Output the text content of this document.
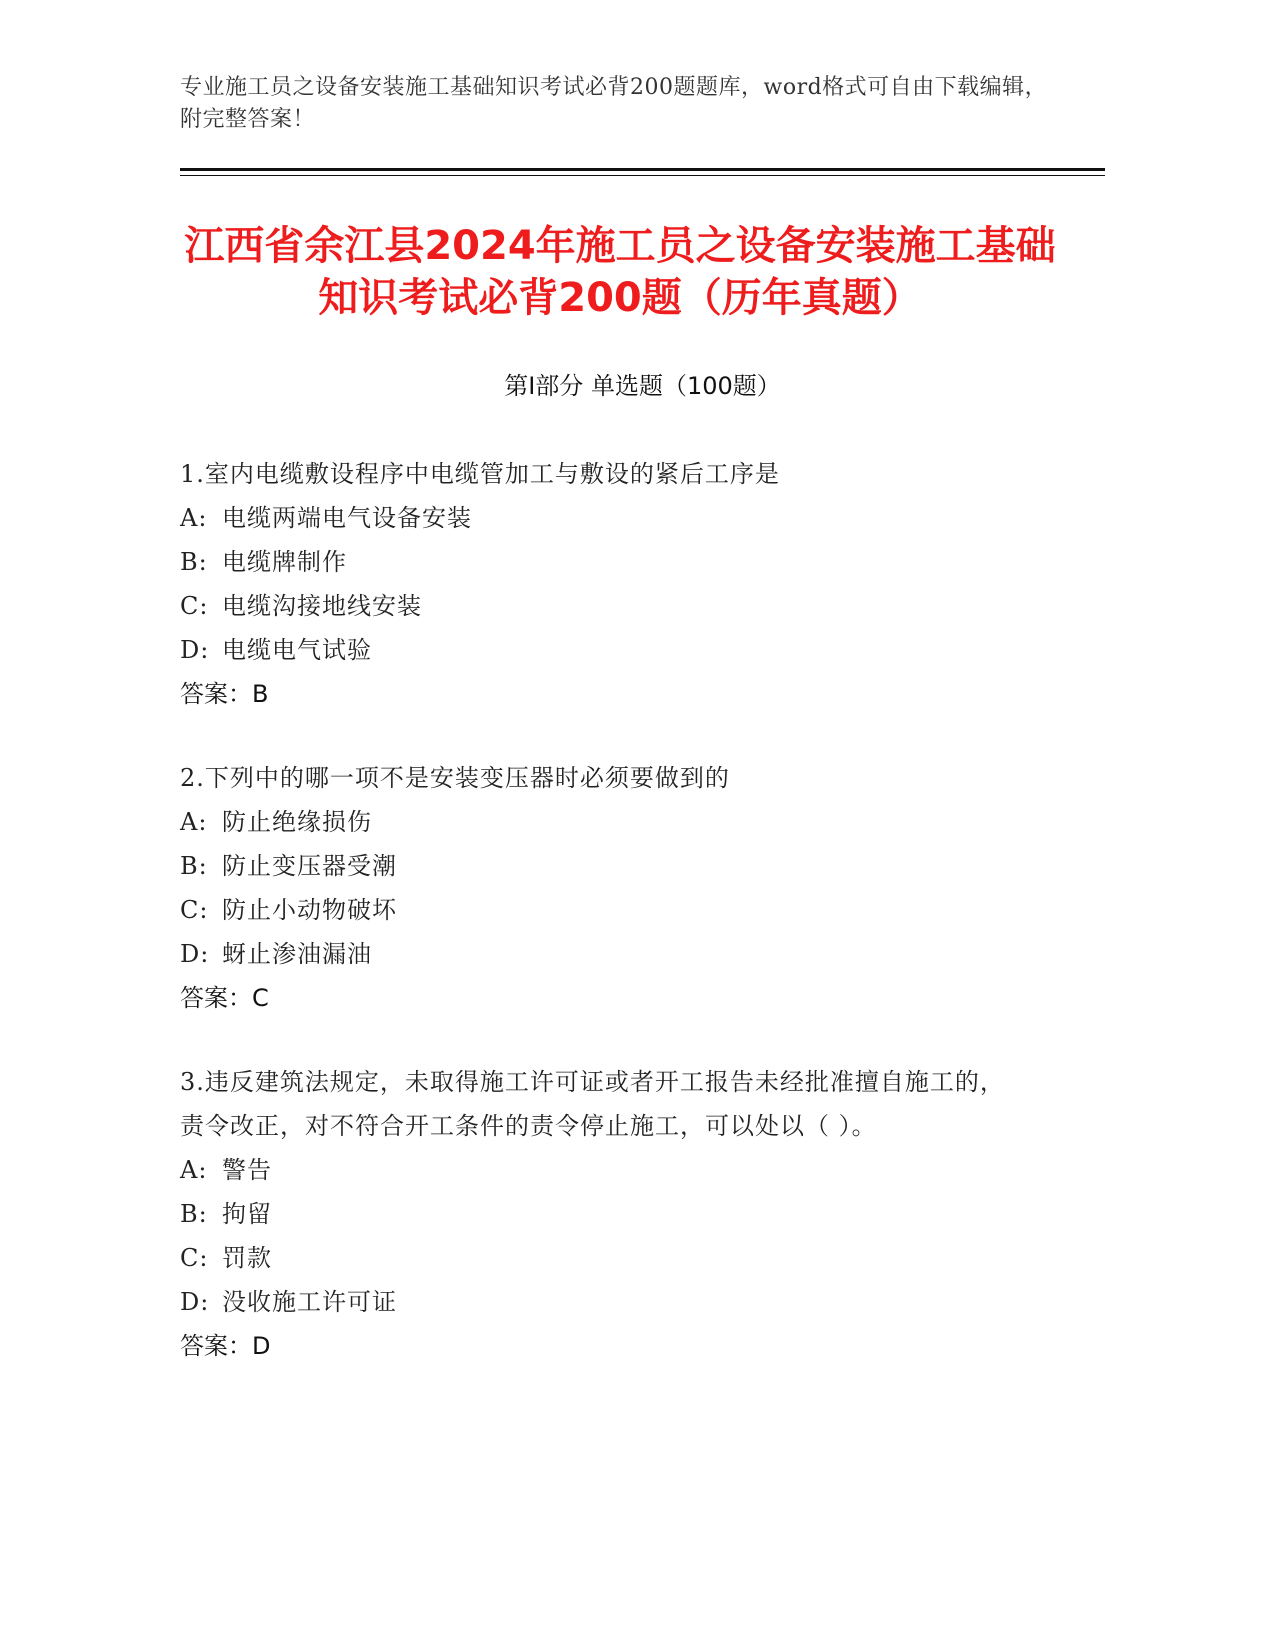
专业施工员之设备安装施工基础知识考试必背200题题库，word格式可自由下载编辑，附完整答案！
江西省余江县2024年施工员之设备安装施工基础知识考试必背200题（历年真题）
第I部分 单选题（100题）
1.室内电缆敷设程序中电缆管加工与敷设的紧后工序是
A: 电缆两端电气设备安装
B: 电缆牌制作
C: 电缆沟接地线安装
D: 电缆电气试验
答案：B
2.下列中的哪一项不是安装变压器时必须要做到的
A: 防止绝缘损伤
B: 防止变压器受潮
C: 防止小动物破坏
D: 蚜止渗油漏油
答案：C
3.违反建筑法规定，未取得施工许可证或者开工报告未经批准擅自施工的，责令改正，对不符合开工条件的责令停止施工，可以处以（ ）。
A: 警告
B: 拘留
C: 罚款
D: 没收施工许可证
答案：D
